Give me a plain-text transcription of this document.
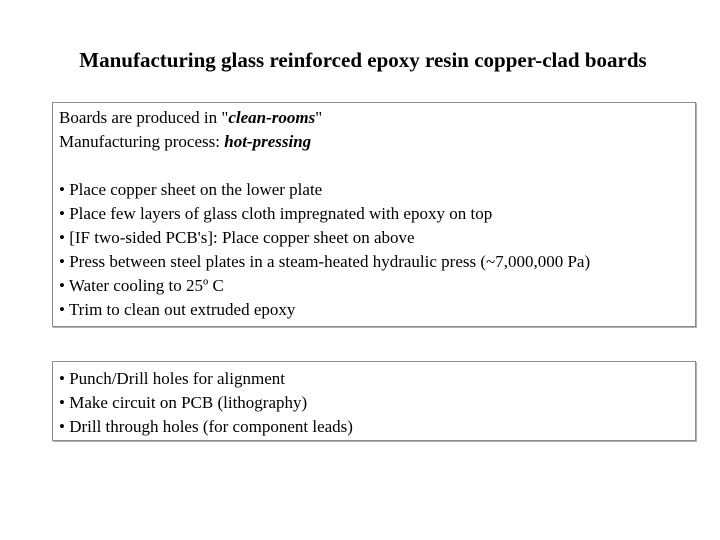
Manufacturing glass reinforced epoxy resin copper-clad boards
Boards are produced in "clean-rooms"
Manufacturing process: hot-pressing
• Place copper sheet on the lower plate
• Place few layers of glass cloth impregnated with epoxy on top
• [IF two-sided PCB's]: Place copper sheet on above
• Press between steel plates in a steam-heated hydraulic press (~7,000,000 Pa)
• Water cooling to 25º C
• Trim to clean out extruded epoxy
• Punch/Drill holes for alignment
• Make circuit on PCB (lithography)
• Drill through holes (for component leads)
